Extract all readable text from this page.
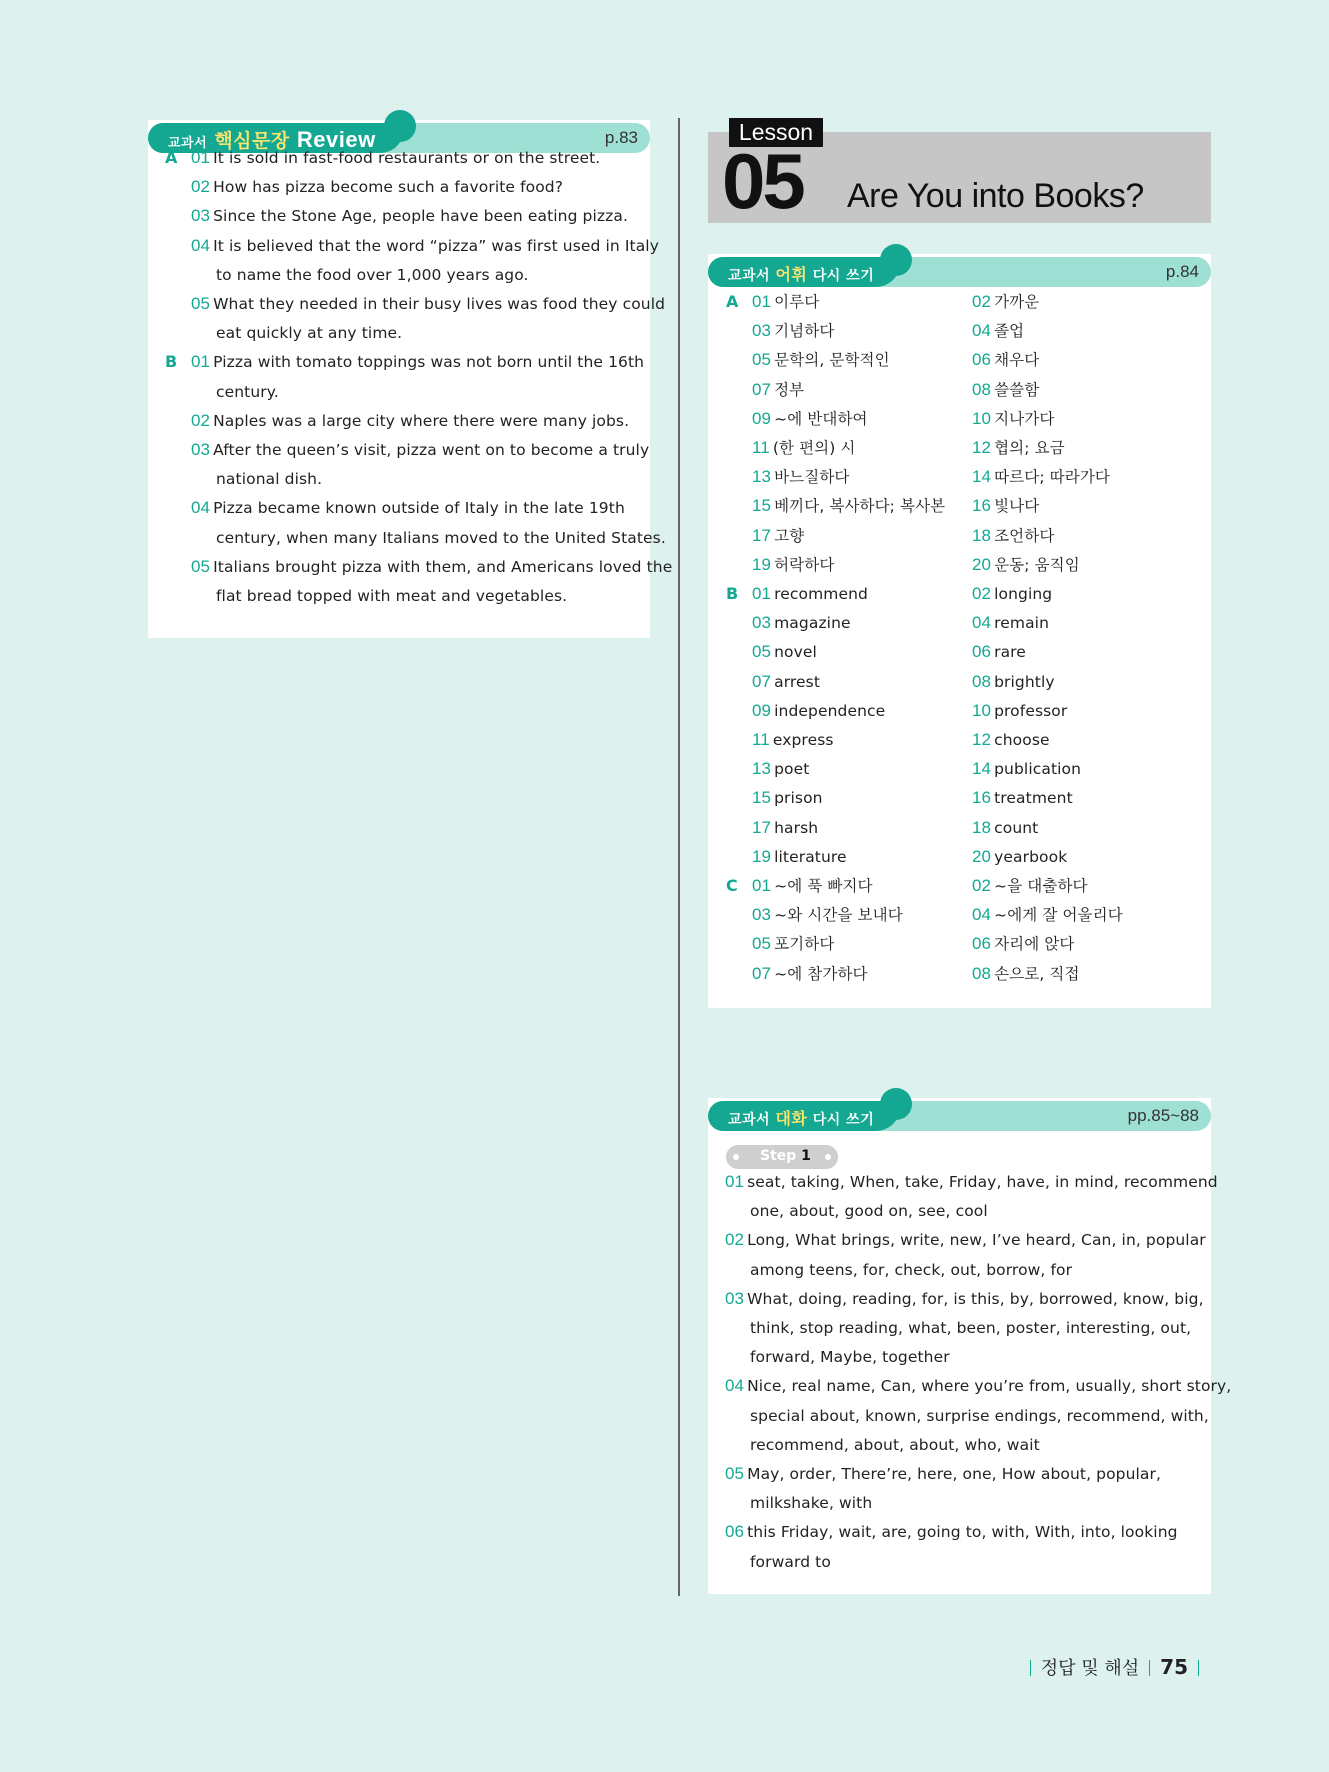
교과서 핵심문장 Review	p.83
A 01 It is sold in fast-food restaurants or on the street.
02 How has pizza become such a favorite food?
03 Since the Stone Age, people have been eating pizza.
04 It is believed that the word “pizza” was first used in Italy
to name the food over 1,000 years ago.
05 What they needed in their busy lives was food they could
eat quickly at any time.
B 01 Pizza with tomato toppings was not born until the 16th
century.
02 Naples was a large city where there were many jobs.
03 After the queen’s visit, pizza went on to become a truly
national dish.
04 Pizza became known outside of Italy in the late 19th
century, when many Italians moved to the United States.
05 Italians brought pizza with them, and Americans loved the
flat bread topped with meat and vegetables.
Lesson
05 Are You into Books?
교과서 어휘 다시 쓰기	p.84
A 01 이루다	02 가까운
03 기념하다	04 졸업
05 문학의, 문학적인	06 채우다
07 정부	08 쓸쓸함
09 ~에 반대하여	10 지나가다
11 (한 편의) 시	12 협의; 요금
13 바느질하다	14 따르다; 따라가다
15 베끼다, 복사하다; 복사본 16 빛나다
17 고향	18 조언하다
19 허락하다	20 운동; 움직임
B 01 recommend	02 longing
03 magazine	04 remain
05 novel	06 rare
07 arrest	08 brightly
09 independence	10 professor
11 express	12 choose
13 poet	14 publication
15 prison	16 treatment
17 harsh	18 count
19 literature	20 yearbook
C 01 ~에 푹 빠지다	02 ~을 대출하다
03 ~와 시간을 보내다	04 ~에게 잘 어울리다
05 포기하다	06 자리에 앉다
07 ~에 참가하다	08 손으로, 직접
교과서 대화 다시 쓰기	pp.85~88
01 seat, taking, When, take, Friday, have, in mind, recommend
one, about, good on, see, cool
02 Long, What brings, write, new, I’ve heard, Can, in, popular
among teens, for, check, out, borrow, for
03 What, doing, reading, for, is this, by, borrowed, know, big,
think, stop reading, what, been, poster, interesting, out,
forward, Maybe, together
04 Nice, real name, Can, where you’re from, usually, short story,
special about, known, surprise endings, recommend, with,
recommend, about, about, who, wait
05 May, order, There’re, here, one, How about, popular,
milkshake, with
06 this Friday, wait, are, going to, with, With, into, looking
forward to
Step 1
정답 및 해설 75
